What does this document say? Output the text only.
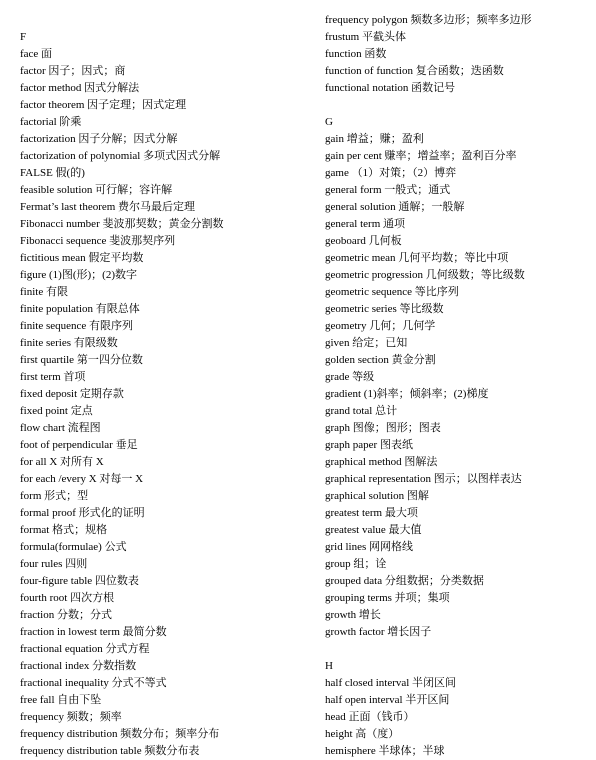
F
face 面
factor 因子；因式；商
factor method 因式分解法
factor theorem 因子定理；因式定理
factorial 阶乘
factorization 因子分解；因式分解
factorization of polynomial 多项式因式分解
FALSE 假(的)
feasible solution 可行解；容许解
Fermat’s last theorem 费尔马最后定理
Fibonacci number 斐波那契数；黄金分割数
Fibonacci sequence 斐波那契序列
fictitious mean 假定平均数
figure (1)图(形)；(2)数字
finite 有限
finite population 有限总体
finite sequence 有限序列
finite series 有限级数
first quartile 第一四分位数
first term 首项
fixed deposit 定期存款
fixed point 定点
flow chart 流程图
foot of perpendicular 垂足
for all X 对所有 X
for each /every X 对每一 X
form 形式；型
formal proof 形式化的证明
format 格式；规格
formula(formulae) 公式
four rules 四则
four-figure table 四位数表
fourth root 四次方根
fraction 分数；分式
fraction in lowest term 最简分数
fractional equation 分式方程
fractional index 分数指数
fractional inequality 分式不等式
free fall 自由下坠
frequency 频数；频率
frequency distribution 频数分布；频率分布
frequency distribution table 频数分布表
frequency polygon 频数多边形；频率多边形
frustum 平截头体
function 函数
function of function 复合函数；迭函数
functional notation 函数记号
G
gain 增益；赚；盈利
gain per cent 赚率；增益率；盈利百分率
game （1）对策；（2）博弈
general form 一般式；通式
general solution 通解；一般解
general term 通项
geoboard 几何板
geometric mean 几何平均数；等比中项
geometric progression 几何级数；等比级数
geometric sequence 等比序列
geometric series 等比级数
geometry 几何；几何学
given 给定；已知
golden section 黄金分割
grade 等级
gradient (1)斜率；倾斜率；(2)梯度
grand total 总计
graph 图像；图形；图表
graph paper 图表纸
graphical method 图解法
graphical representation 图示；以图样表达
graphical solution 图解
greatest term 最大项
greatest value 最大值
grid lines 网网格线
group 组；诠
grouped data 分组数据；分类数据
grouping terms 并项；集项
growth 增长
growth factor 增长因子
H
half closed interval 半闭区间
half open interval 半开区间
head 正面（钱币）
height 高（度）
hemisphere 半球体；半球
